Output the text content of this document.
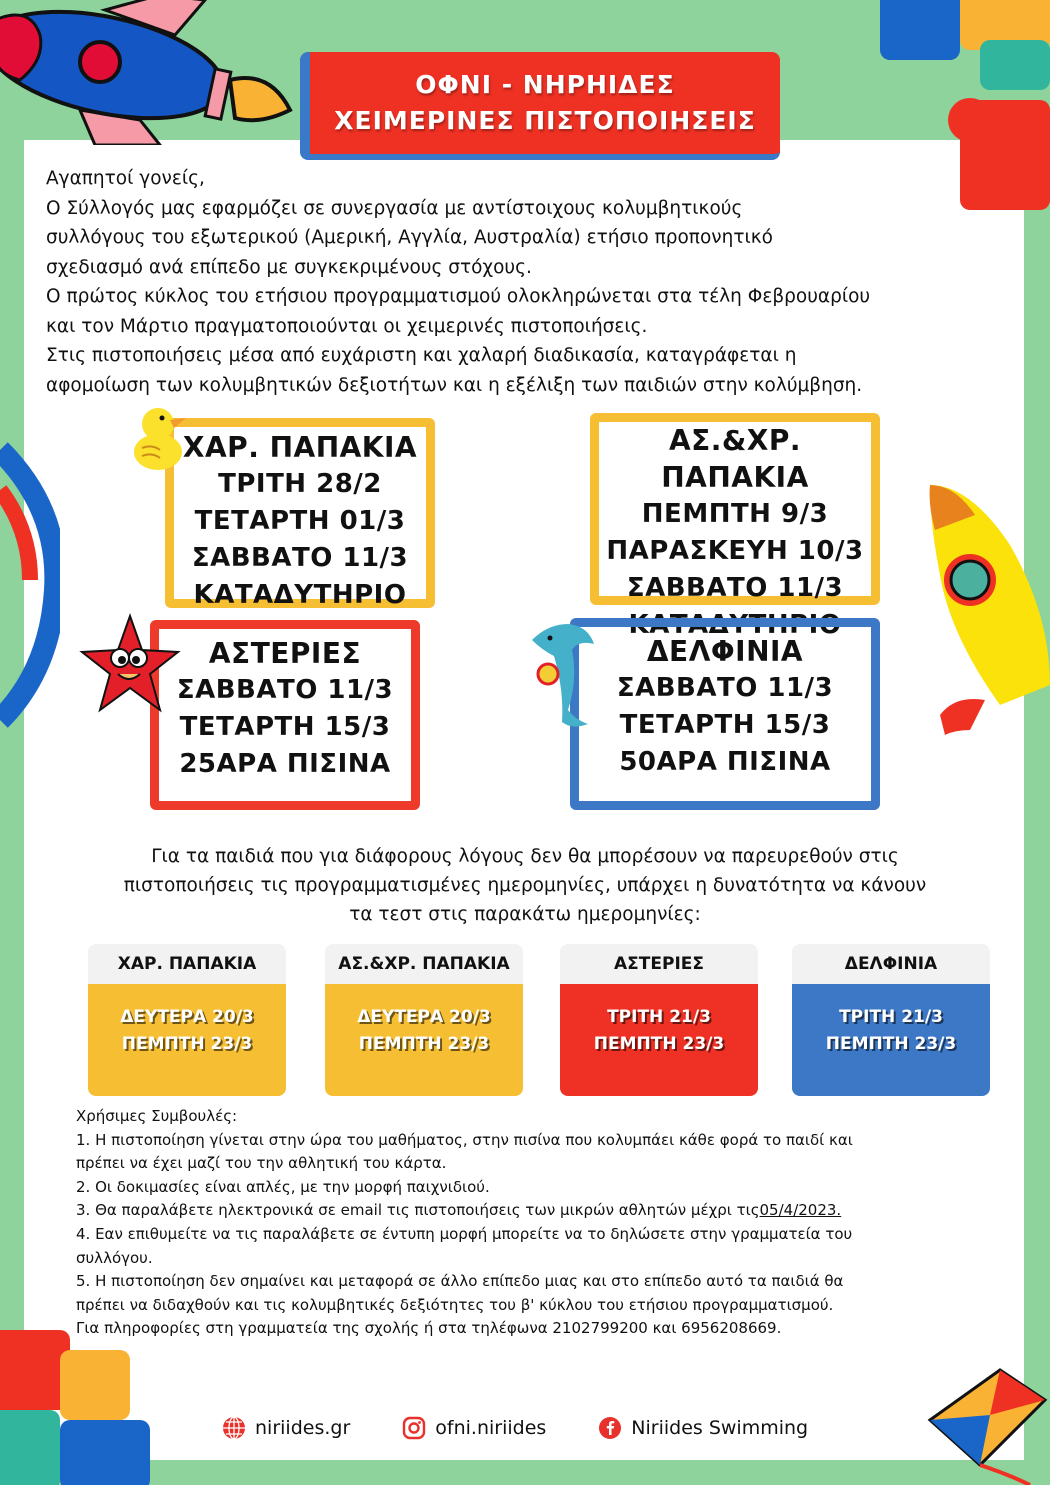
ΟΦΝΙ - ΝΗΡΗΙΔΕΣ
ΧΕΙΜΕΡΙΝΕΣ ΠΙΣΤΟΠΟΙΗΣΕΙΣ
Αγαπητοί γονείς,
Ο Σύλλογός μας εφαρμόζει σε συνεργασία με αντίστοιχους κολυμβητικούς
συλλόγους του εξωτερικού (Αμερική, Αγγλία, Αυστραλία) ετήσιο προπονητικό
σχεδιασμό ανά επίπεδο με συγκεκριμένους στόχους.
Ο πρώτος κύκλος του ετήσιου προγραμματισμού ολοκληρώνεται στα τέλη Φεβρουαρίου
και τον Μάρτιο πραγματοποιούνται οι χειμερινές πιστοποιήσεις.
Στις πιστοποιήσεις μέσα από ευχάριστη και χαλαρή διαδικασία, καταγράφεται η
αφομοίωση των κολυμβητικών δεξιοτήτων και η εξέλιξη των παιδιών στην κολύμβηση.
ΧΑΡ. ΠΑΠΑΚΙΑ
ΤΡΙΤΗ 28/2
ΤΕΤΑΡΤΗ 01/3
ΣΑΒΒΑΤΟ 11/3
ΚΑΤΑΔΥΤΗΡΙΟ
ΑΣ.&ΧΡ. ΠΑΠΑΚΙΑ
ΠΕΜΠΤΗ 9/3
ΠΑΡΑΣΚΕΥΗ 10/3
ΣΑΒΒΑΤΟ 11/3
ΚΑΤΑΔΥΤΗΡΙΟ
ΑΣΤΕΡΙΕΣ
ΣΑΒΒΑΤΟ 11/3
ΤΕΤΑΡΤΗ 15/3
25ΑΡΑ ΠΙΣΙΝΑ
ΔΕΛΦΙΝΙΑ
ΣΑΒΒΑΤΟ 11/3
ΤΕΤΑΡΤΗ 15/3
50ΑΡΑ ΠΙΣΙΝΑ
Για τα παιδιά που για διάφορους λόγους δεν θα μπορέσουν να παρευρεθούν στις
πιστοποιήσεις τις προγραμματισμένες ημερομηνίες, υπάρχει η δυνατότητα να κάνουν
τα τεστ στις παρακάτω ημερομηνίες:
ΧΑΡ. ΠΑΠΑΚΙΑ
ΔΕΥΤΕΡΑ 20/3
ΠΕΜΠΤΗ 23/3
ΑΣ.&ΧΡ. ΠΑΠΑΚΙΑ
ΔΕΥΤΕΡΑ 20/3
ΠΕΜΠΤΗ 23/3
ΑΣΤΕΡΙΕΣ
ΤΡΙΤΗ 21/3
ΠΕΜΠΤΗ 23/3
ΔΕΛΦΙΝΙΑ
ΤΡΙΤΗ 21/3
ΠΕΜΠΤΗ 23/3
Χρήσιμες Συμβουλές:
1. Η πιστοποίηση γίνεται στην ώρα του μαθήματος, στην πισίνα που κολυμπάει κάθε φορά το παιδί και
πρέπει να έχει μαζί του την αθλητική του κάρτα.
2. Οι δοκιμασίες είναι απλές, με την μορφή παιχνιδιού.
3. Θα παραλάβετε ηλεκτρονικά σε email τις πιστοποιήσεις των μικρών αθλητών μέχρι τις05/4/2023.
4. Εαν επιθυμείτε να τις παραλάβετε σε έντυπη μορφή μπορείτε να το δηλώσετε στην γραμματεία του
συλλόγου.
5. Η πιστοποίηση δεν σημαίνει και μεταφορά σε άλλο επίπεδο μιας και στο επίπεδο αυτό τα παιδιά θα
πρέπει να διδαχθούν και τις κολυμβητικές δεξιότητες του β' κύκλου του ετήσιου προγραμματισμού.
Για πληροφορίες στη γραμματεία της σχολής ή στα τηλέφωνα 2102799200 και 6956208669.
niriides.gr	ofni.niriides	Niriides Swimming
